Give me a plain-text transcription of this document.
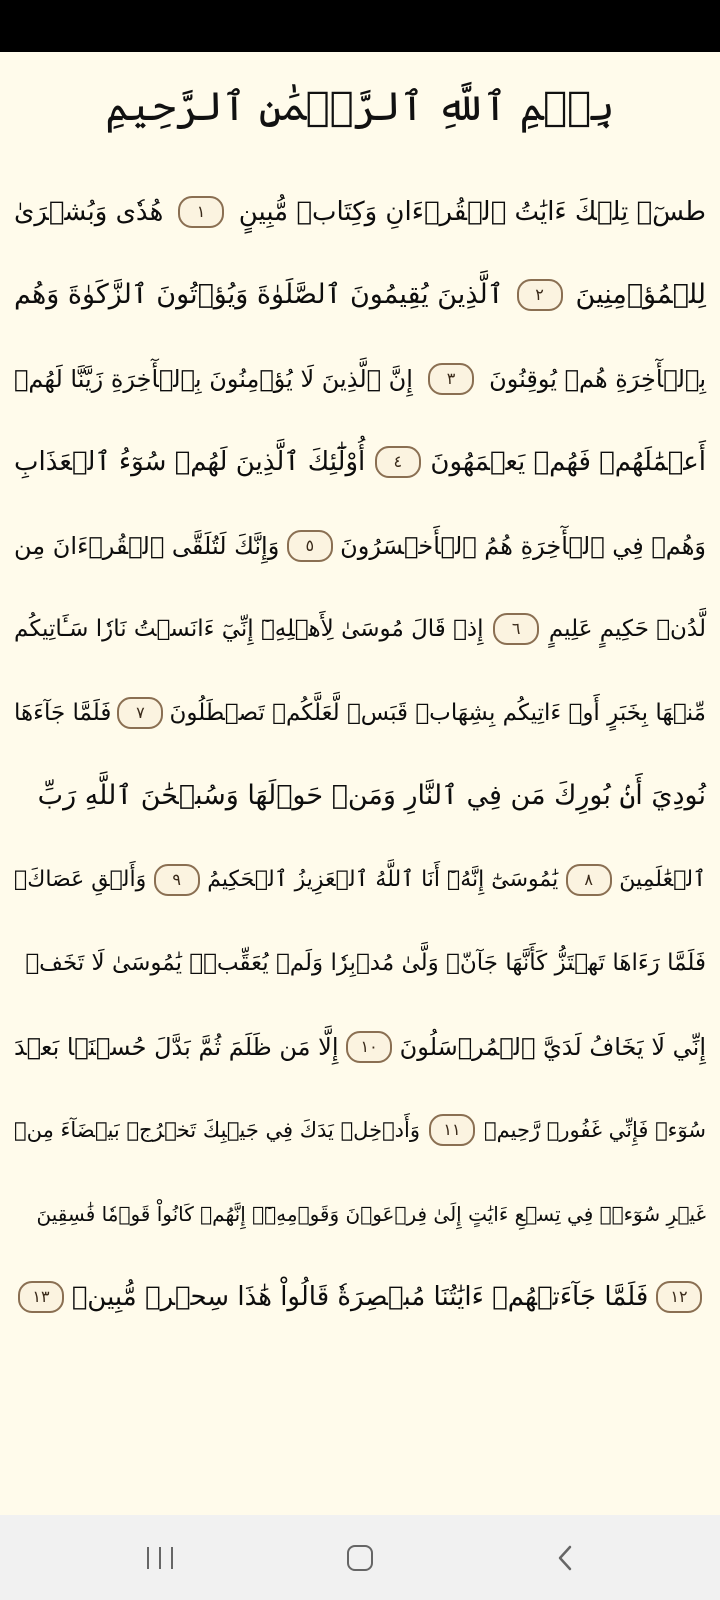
بِسۡمِ ٱللَّهِ ٱلرَّحۡمَٰنِ ٱلرَّحِيمِ
طسٓۚ تِلۡكَ ءَايَٰتُ ٱلۡقُرۡءَانِ وَكِتَابٖ مُّبِينٍ
١
هُدٗى وَبُشۡرَىٰ
لِلۡمُؤۡمِنِينَ
٢
ٱلَّذِينَ يُقِيمُونَ ٱلصَّلَوٰةَ وَيُؤۡتُونَ ٱلزَّكَوٰةَ وَهُم
بِٱلۡأٓخِرَةِ هُمۡ يُوقِنُونَ
٣
إِنَّ ٱلَّذِينَ لَا يُؤۡمِنُونَ بِٱلۡأٓخِرَةِ زَيَّنَّا لَهُمۡ
أَعۡمَٰلَهُمۡ فَهُمۡ يَعۡمَهُونَ
٤
أُوْلَٰٓئِكَ ٱلَّذِينَ لَهُمۡ سُوٓءُ ٱلۡعَذَابِ
وَهُمۡ فِي ٱلۡأٓخِرَةِ هُمُ ٱلۡأَخۡسَرُونَ
٥
وَإِنَّكَ لَتُلَقَّى ٱلۡقُرۡءَانَ مِن
لَّدُنۡ حَكِيمٍ عَلِيمٍ
٦
إِذۡ قَالَ مُوسَىٰ لِأَهۡلِهِۦٓ إِنِّيٓ ءَانَسۡتُ نَارٗا سَـَٔاتِيكُم
مِّنۡهَا بِخَبَرٍ أَوۡ ءَاتِيكُم بِشِهَابٖ قَبَسٖ لَّعَلَّكُمۡ تَصۡطَلُونَ
٧
فَلَمَّا جَآءَهَا
نُودِيَ أَنۢ بُورِكَ مَن فِي ٱلنَّارِ وَمَنۡ حَوۡلَهَا وَسُبۡحَٰنَ ٱللَّهِ رَبِّ
ٱلۡعَٰلَمِينَ
٨
يَٰمُوسَىٰٓ إِنَّهُۥٓ أَنَا ٱللَّهُ ٱلۡعَزِيزُ ٱلۡحَكِيمُ
٩
وَأَلۡقِ عَصَاكَۚ
فَلَمَّا رَءَاهَا تَهۡتَزُّ كَأَنَّهَا جَآنّٞ وَلَّىٰ مُدۡبِرٗا وَلَمۡ يُعَقِّبۡۚ يَٰمُوسَىٰ لَا تَخَفۡ
إِنِّي لَا يَخَافُ لَدَيَّ ٱلۡمُرۡسَلُونَ
١٠
إِلَّا مَن ظَلَمَ ثُمَّ بَدَّلَ حُسۡنَۢا بَعۡدَ
سُوٓءٖ فَإِنِّي غَفُورٞ رَّحِيمٞ
١١
وَأَدۡخِلۡ يَدَكَ فِي جَيۡبِكَ تَخۡرُجۡ بَيۡضَآءَ مِنۡ
غَيۡرِ سُوٓءٖۖ فِي تِسۡعِ ءَايَٰتٍ إِلَىٰ فِرۡعَوۡنَ وَقَوۡمِهِۦٓۚ إِنَّهُمۡ كَانُواْ قَوۡمٗا فَٰسِقِينَ
١٢
فَلَمَّا جَآءَتۡهُمۡ ءَايَٰتُنَا مُبۡصِرَةٗ قَالُواْ هَٰذَا سِحۡرٞ مُّبِينٞ
١٣
